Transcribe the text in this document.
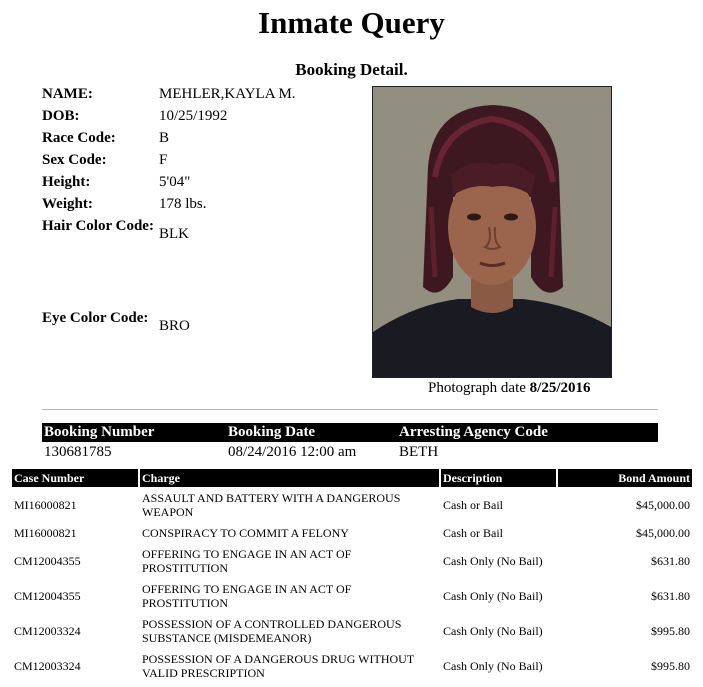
Inmate Query
Booking Detail.
NAME:	MEHLER,KAYLA M.
DOB:	10/25/1992
Race Code:	B
Sex Code:	F
Height:	5'04"
Weight:	178 lbs.
Hair Color Code:	BLK
Eye Color Code:	BRO
Photograph date 8/25/2016
Booking Number	Booking Date	Arresting Agency Code
130681785	08/24/2016 12:00 am	BETH
Case Number	Charge	Description	Bond Amount
MI16000821	ASSAULT AND BATTERY WITH A DANGEROUS WEAPON	Cash or Bail	$45,000.00
MI16000821	CONSPIRACY TO COMMIT A FELONY	Cash or Bail	$45,000.00
CM12004355	OFFERING TO ENGAGE IN AN ACT OF PROSTITUTION	Cash Only (No Bail)	$631.80
CM12004355	OFFERING TO ENGAGE IN AN ACT OF PROSTITUTION	Cash Only (No Bail)	$631.80
CM12003324	POSSESSION OF A CONTROLLED DANGEROUS SUBSTANCE (MISDEMEANOR)	Cash Only (No Bail)	$995.80
CM12003324	POSSESSION OF A DANGEROUS DRUG WITHOUT VALID PRESCRIPTION	Cash Only (No Bail)	$995.80
